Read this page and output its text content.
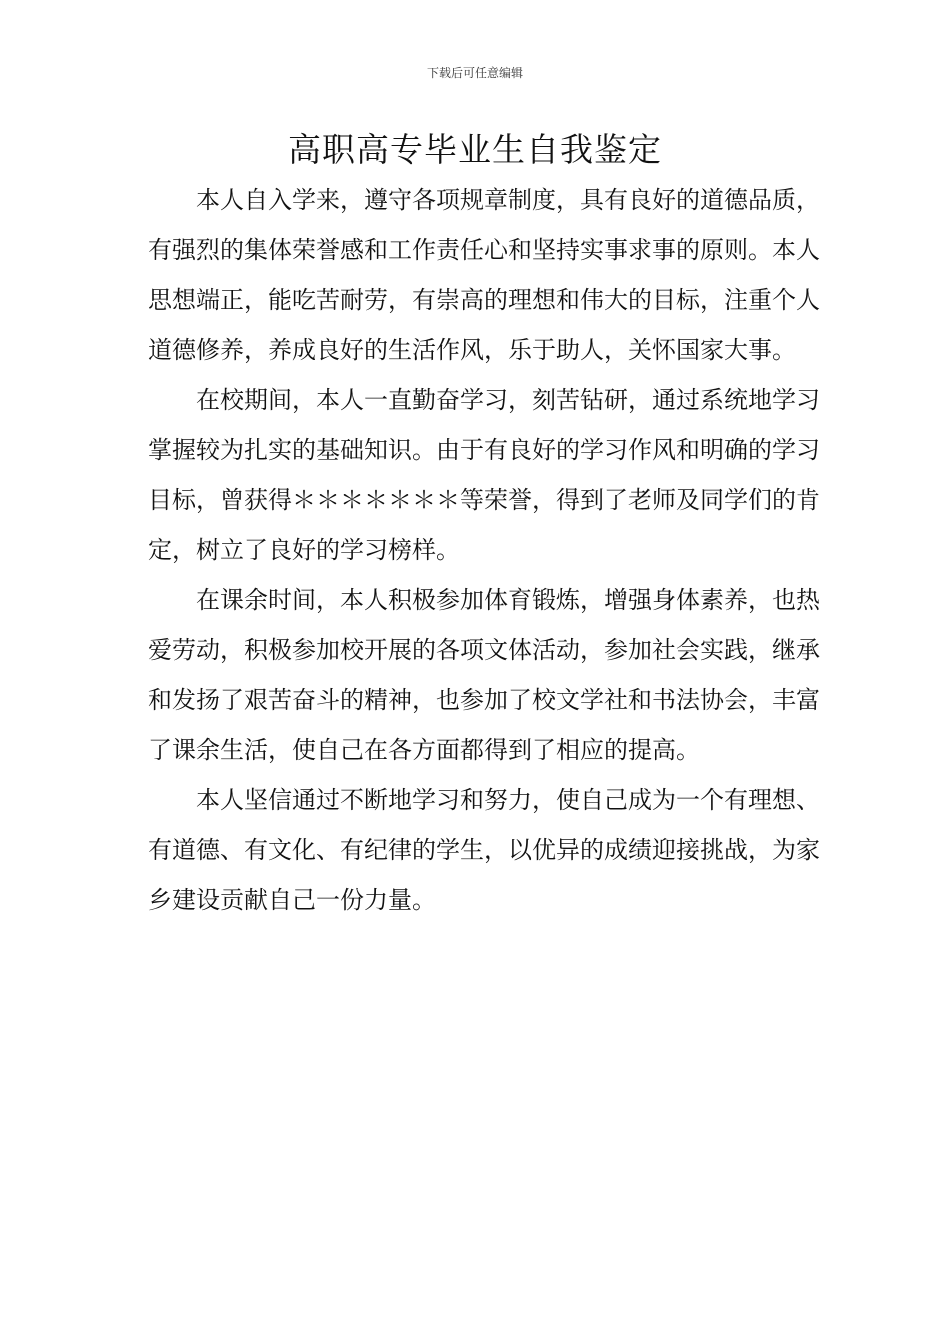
下载后可任意编辑
高职高专毕业生自我鉴定

本人自入学来，遵守各项规章制度，具有良好的道德品质，有强烈的集体荣誉感和工作责任心和坚持实事求事的原则。本人思想端正，能吃苦耐劳，有崇高的理想和伟大的目标，注重个人道德修养，养成良好的生活作风，乐于助人，关怀国家大事。

在校期间，本人一直勤奋学习，刻苦钻研，通过系统地学习掌握较为扎实的基础知识。由于有良好的学习作风和明确的学习目标，曾获得＊＊＊＊＊＊＊等荣誉，得到了老师及同学们的肯定，树立了良好的学习榜样。

在课余时间，本人积极参加体育锻炼，增强身体素养，也热爱劳动，积极参加校开展的各项文体活动，参加社会实践，继承和发扬了艰苦奋斗的精神，也参加了校文学社和书法协会，丰富了课余生活，使自己在各方面都得到了相应的提高。

本人坚信通过不断地学习和努力，使自己成为一个有理想、有道德、有文化、有纪律的学生，以优异的成绩迎接挑战，为家乡建设贡献自己一份力量。
